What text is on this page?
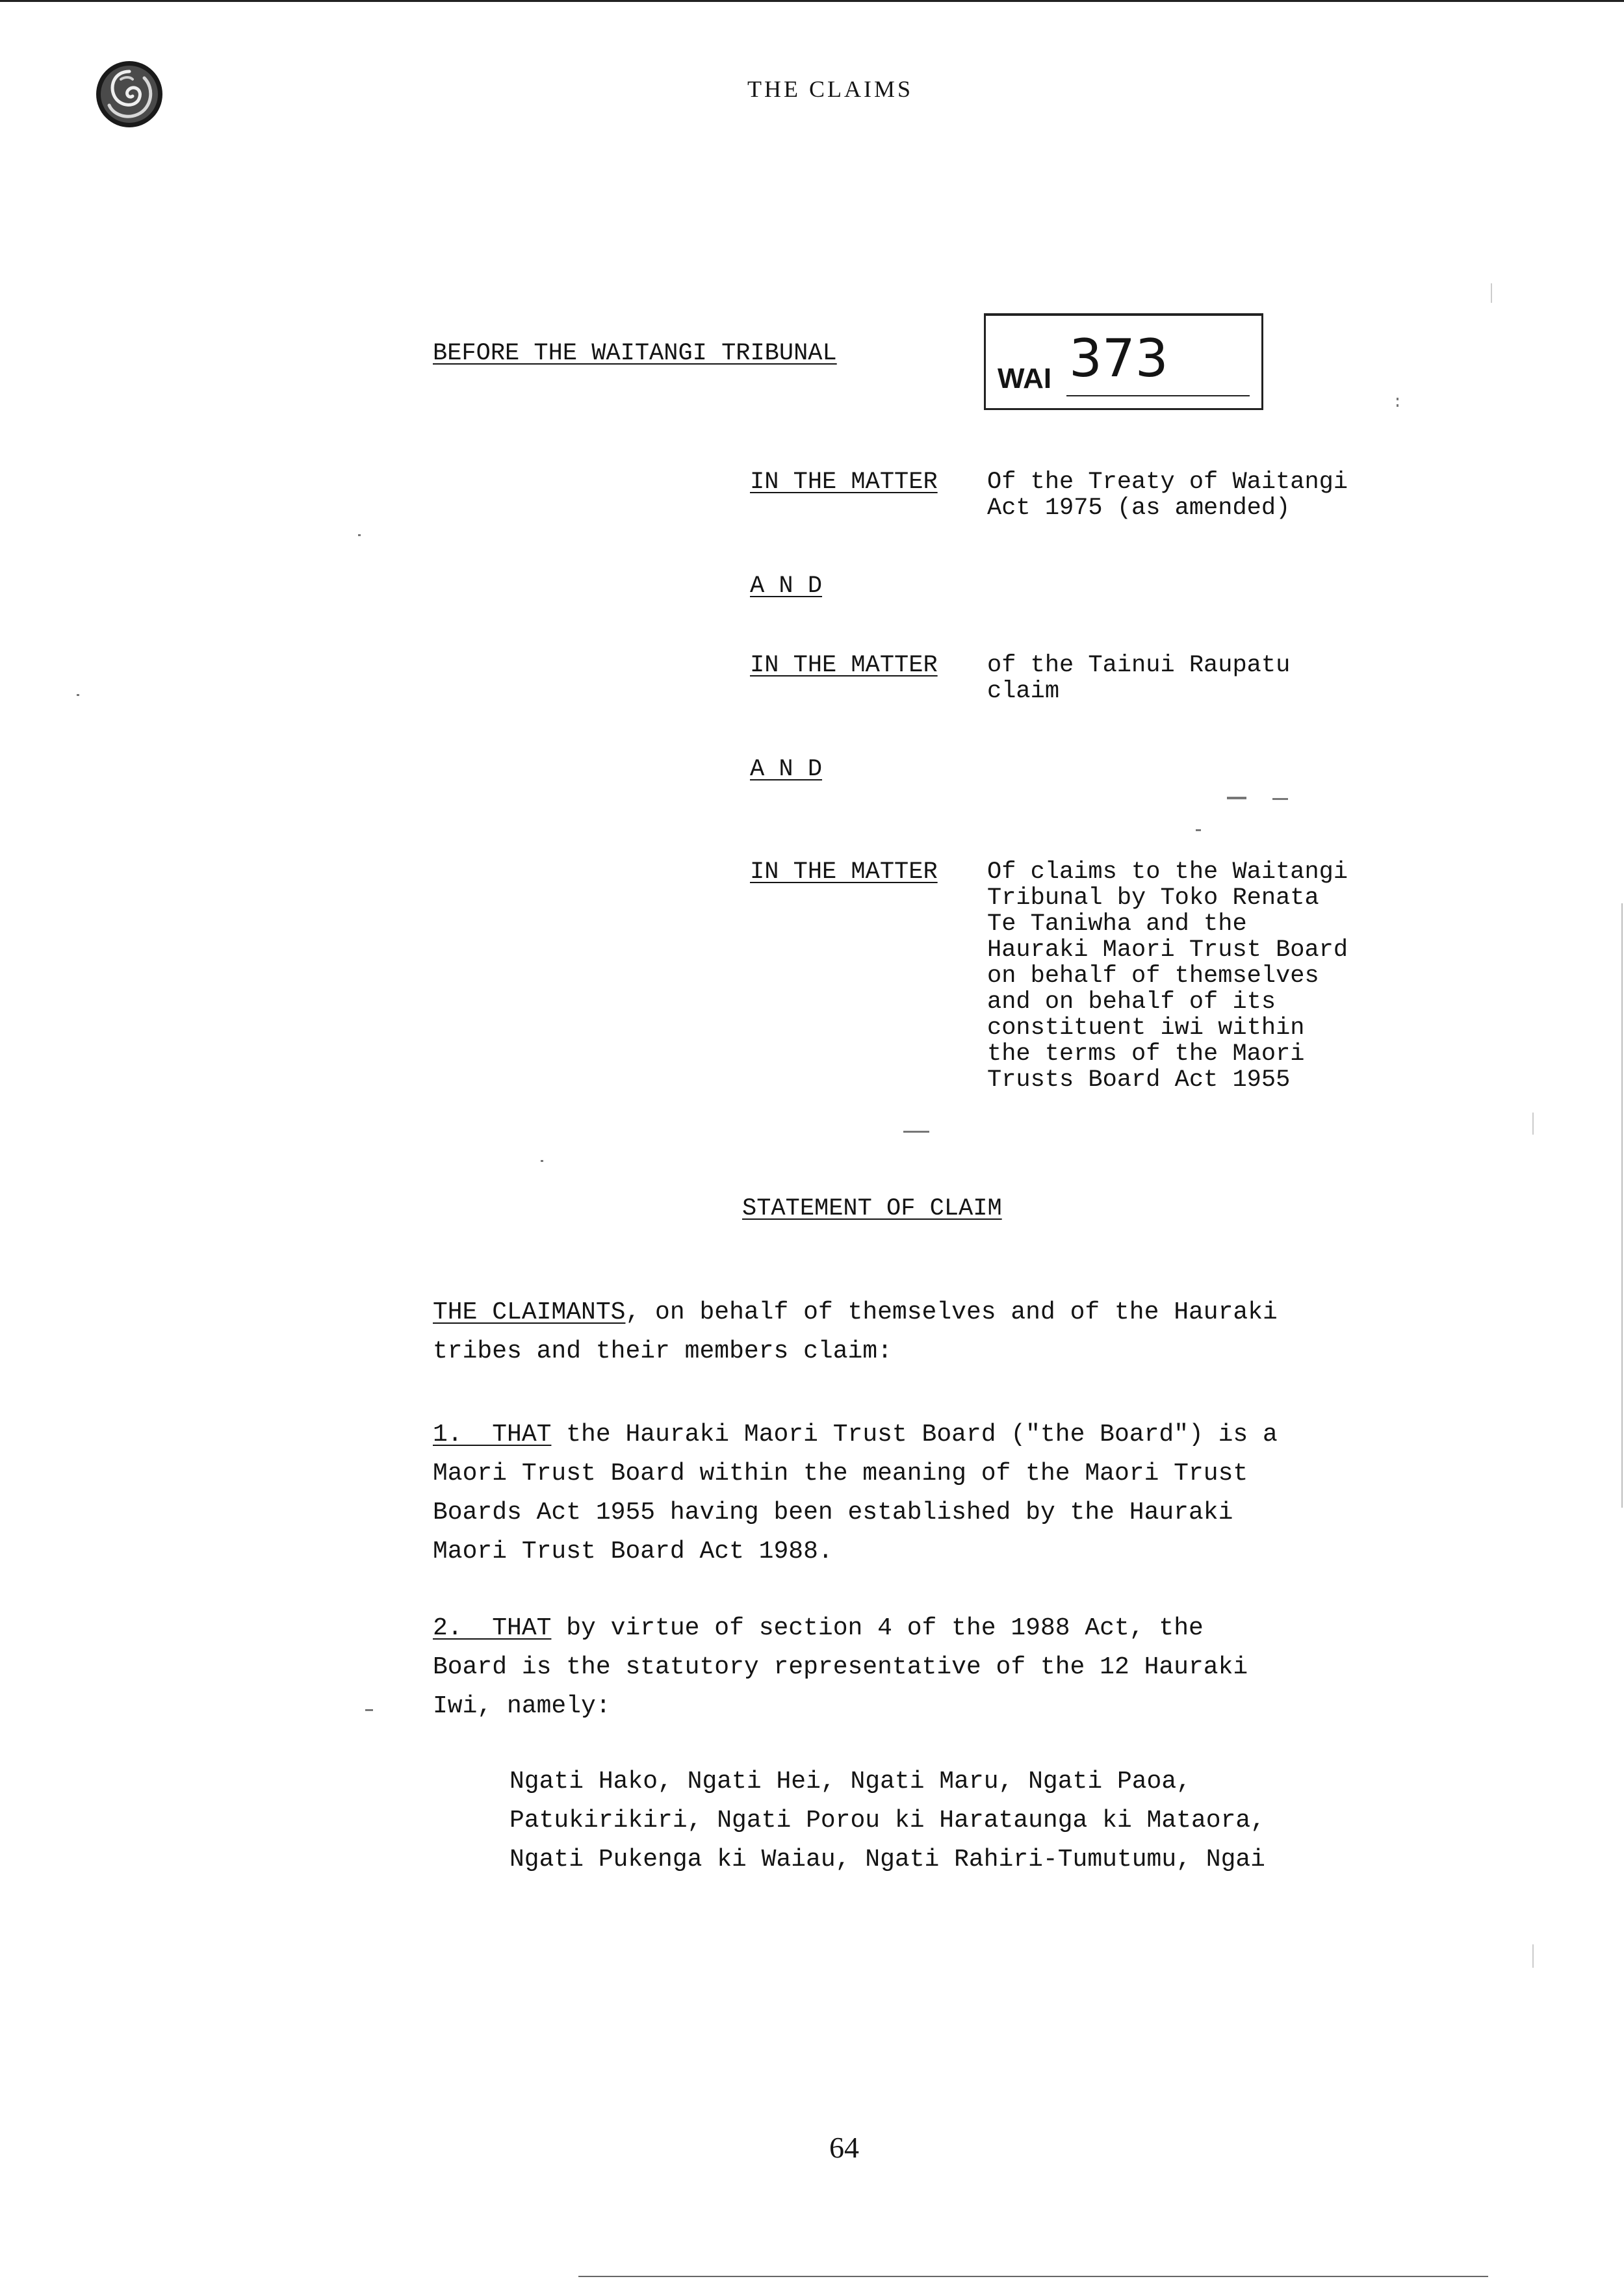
THE CLAIMS
BEFORE THE WAITANGI TRIBUNAL
WAI 373
IN THE MATTER Of the Treaty of Waitangi Act 1975 (as amended)
A N D
IN THE MATTER of the Tainui Raupatu claim
A N D
IN THE MATTER Of claims to the Waitangi Tribunal by Toko Renata Te Taniwha and the Hauraki Maori Trust Board on behalf of themselves and on behalf of its constituent iwi within the terms of the Maori Trusts Board Act 1955
STATEMENT OF CLAIM
THE CLAIMANTS, on behalf of themselves and of the Hauraki
tribes and their members claim:
1.  THAT the Hauraki Maori Trust Board ("the Board") is a
Maori Trust Board within the meaning of the Maori Trust
Boards Act 1955 having been established by the Hauraki
Maori Trust Board Act 1988.
2.  THAT by virtue of section 4 of the 1988 Act, the
Board is the statutory representative of the 12 Hauraki
Iwi, namely:
Ngati Hako, Ngati Hei, Ngati Maru, Ngati Paoa,
Patukirikiri, Ngati Porou ki Harataunga ki Mataora,
Ngati Pukenga ki Waiau, Ngati Rahiri-Tumutumu, Ngai
64
